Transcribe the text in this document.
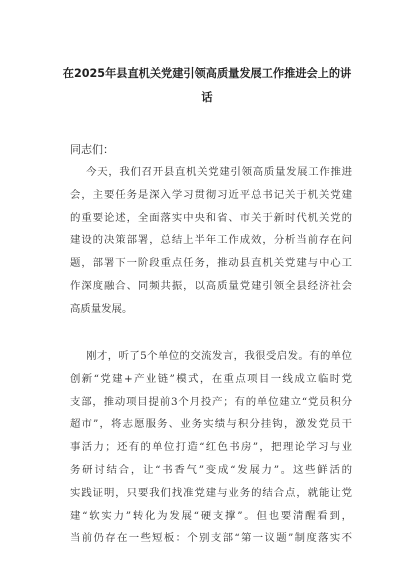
在2025年县直机关党建引领高质量发展工作推进会上的讲
话
同志们：
今天，我们召开县直机关党建引领高质量发展工作推进
会，主要任务是深入学习贯彻习近平总书记关于机关党建
的重要论述，全面落实中央和省、市关于新时代机关党的
建设的决策部署，总结上半年工作成效，分析当前存在问
题，部署下一阶段重点任务，推动县直机关党建与中心工
作深度融合、同频共振，以高质量党建引领全县经济社会
高质量发展。
刚才，听了5个单位的交流发言，我很受启发。有的单位
创新“党建+产业链”模式，在重点项目一线成立临时党
支部，推动项目提前3个月投产；有的单位建立“党员积分
超市”，将志愿服务、业务实绩与积分挂钩，激发党员干
事活力；还有的单位打造“红色书房”，把理论学习与业
务研讨结合，让“书香气”变成“发展力”。这些鲜活的
实践证明，只要我们找准党建与业务的结合点，就能让党
建“软实力”转化为发展“硬支撑”。但也要清醒看到，
当前仍存在一些短板：个别支部“第一议题”制度落实不
